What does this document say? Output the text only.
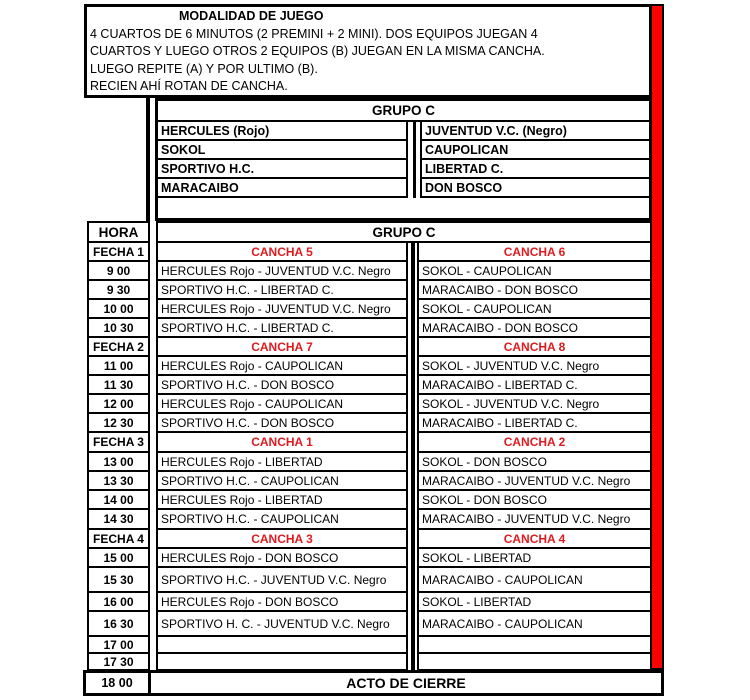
MODALIDAD DE JUEGO
4 CUARTOS DE 6 MINUTOS (2 PREMINI + 2 MINI). DOS EQUIPOS JUEGAN 4
CUARTOS Y LUEGO OTROS 2 EQUIPOS (B) JUEGAN EN LA MISMA CANCHA.
LUEGO REPITE (A) Y POR ULTIMO (B).
RECIEN AHÍ ROTAN DE CANCHA.
GRUPO C
HERCULES (Rojo)	JUVENTUD V.C. (Negro)
SOKOL	CAUPOLICAN
SPORTIVO H.C.	LIBERTAD C.
MARACAIBO	DON BOSCO
HORA	GRUPO C
FECHA 1	CANCHA 5	CANCHA 6
9 00	HERCULES Rojo - JUVENTUD V.C. Negro	SOKOL - CAUPOLICAN
9 30	SPORTIVO H.C. - LIBERTAD C.	MARACAIBO - DON BOSCO
10 00	HERCULES Rojo - JUVENTUD V.C. Negro	SOKOL - CAUPOLICAN
10 30	SPORTIVO H.C. - LIBERTAD C.	MARACAIBO - DON BOSCO
FECHA 2	CANCHA 7	CANCHA 8
11 00	HERCULES Rojo - CAUPOLICAN	SOKOL - JUVENTUD V.C. Negro
11 30	SPORTIVO H.C. - DON BOSCO	MARACAIBO - LIBERTAD C.
12 00	HERCULES Rojo - CAUPOLICAN	SOKOL - JUVENTUD V.C. Negro
12 30	SPORTIVO H.C. - DON BOSCO	MARACAIBO - LIBERTAD C.
FECHA 3	CANCHA 1	CANCHA 2
13 00	HERCULES Rojo - LIBERTAD	SOKOL - DON BOSCO
13 30	SPORTIVO H.C. - CAUPOLICAN	MARACAIBO - JUVENTUD V.C. Negro
14 00	HERCULES Rojo - LIBERTAD	SOKOL - DON BOSCO
14 30	SPORTIVO H.C. - CAUPOLICAN	MARACAIBO - JUVENTUD V.C. Negro
FECHA 4	CANCHA 3	CANCHA 4
15 00	HERCULES Rojo - DON BOSCO	SOKOL - LIBERTAD
15 30	SPORTIVO H.C. - JUVENTUD V.C. Negro	MARACAIBO - CAUPOLICAN
16 00	HERCULES Rojo - DON BOSCO	SOKOL - LIBERTAD
16 30	SPORTIVO H. C. - JUVENTUD V.C. Negro	MARACAIBO - CAUPOLICAN
17 00
17 30
18 00	ACTO DE CIERRE
